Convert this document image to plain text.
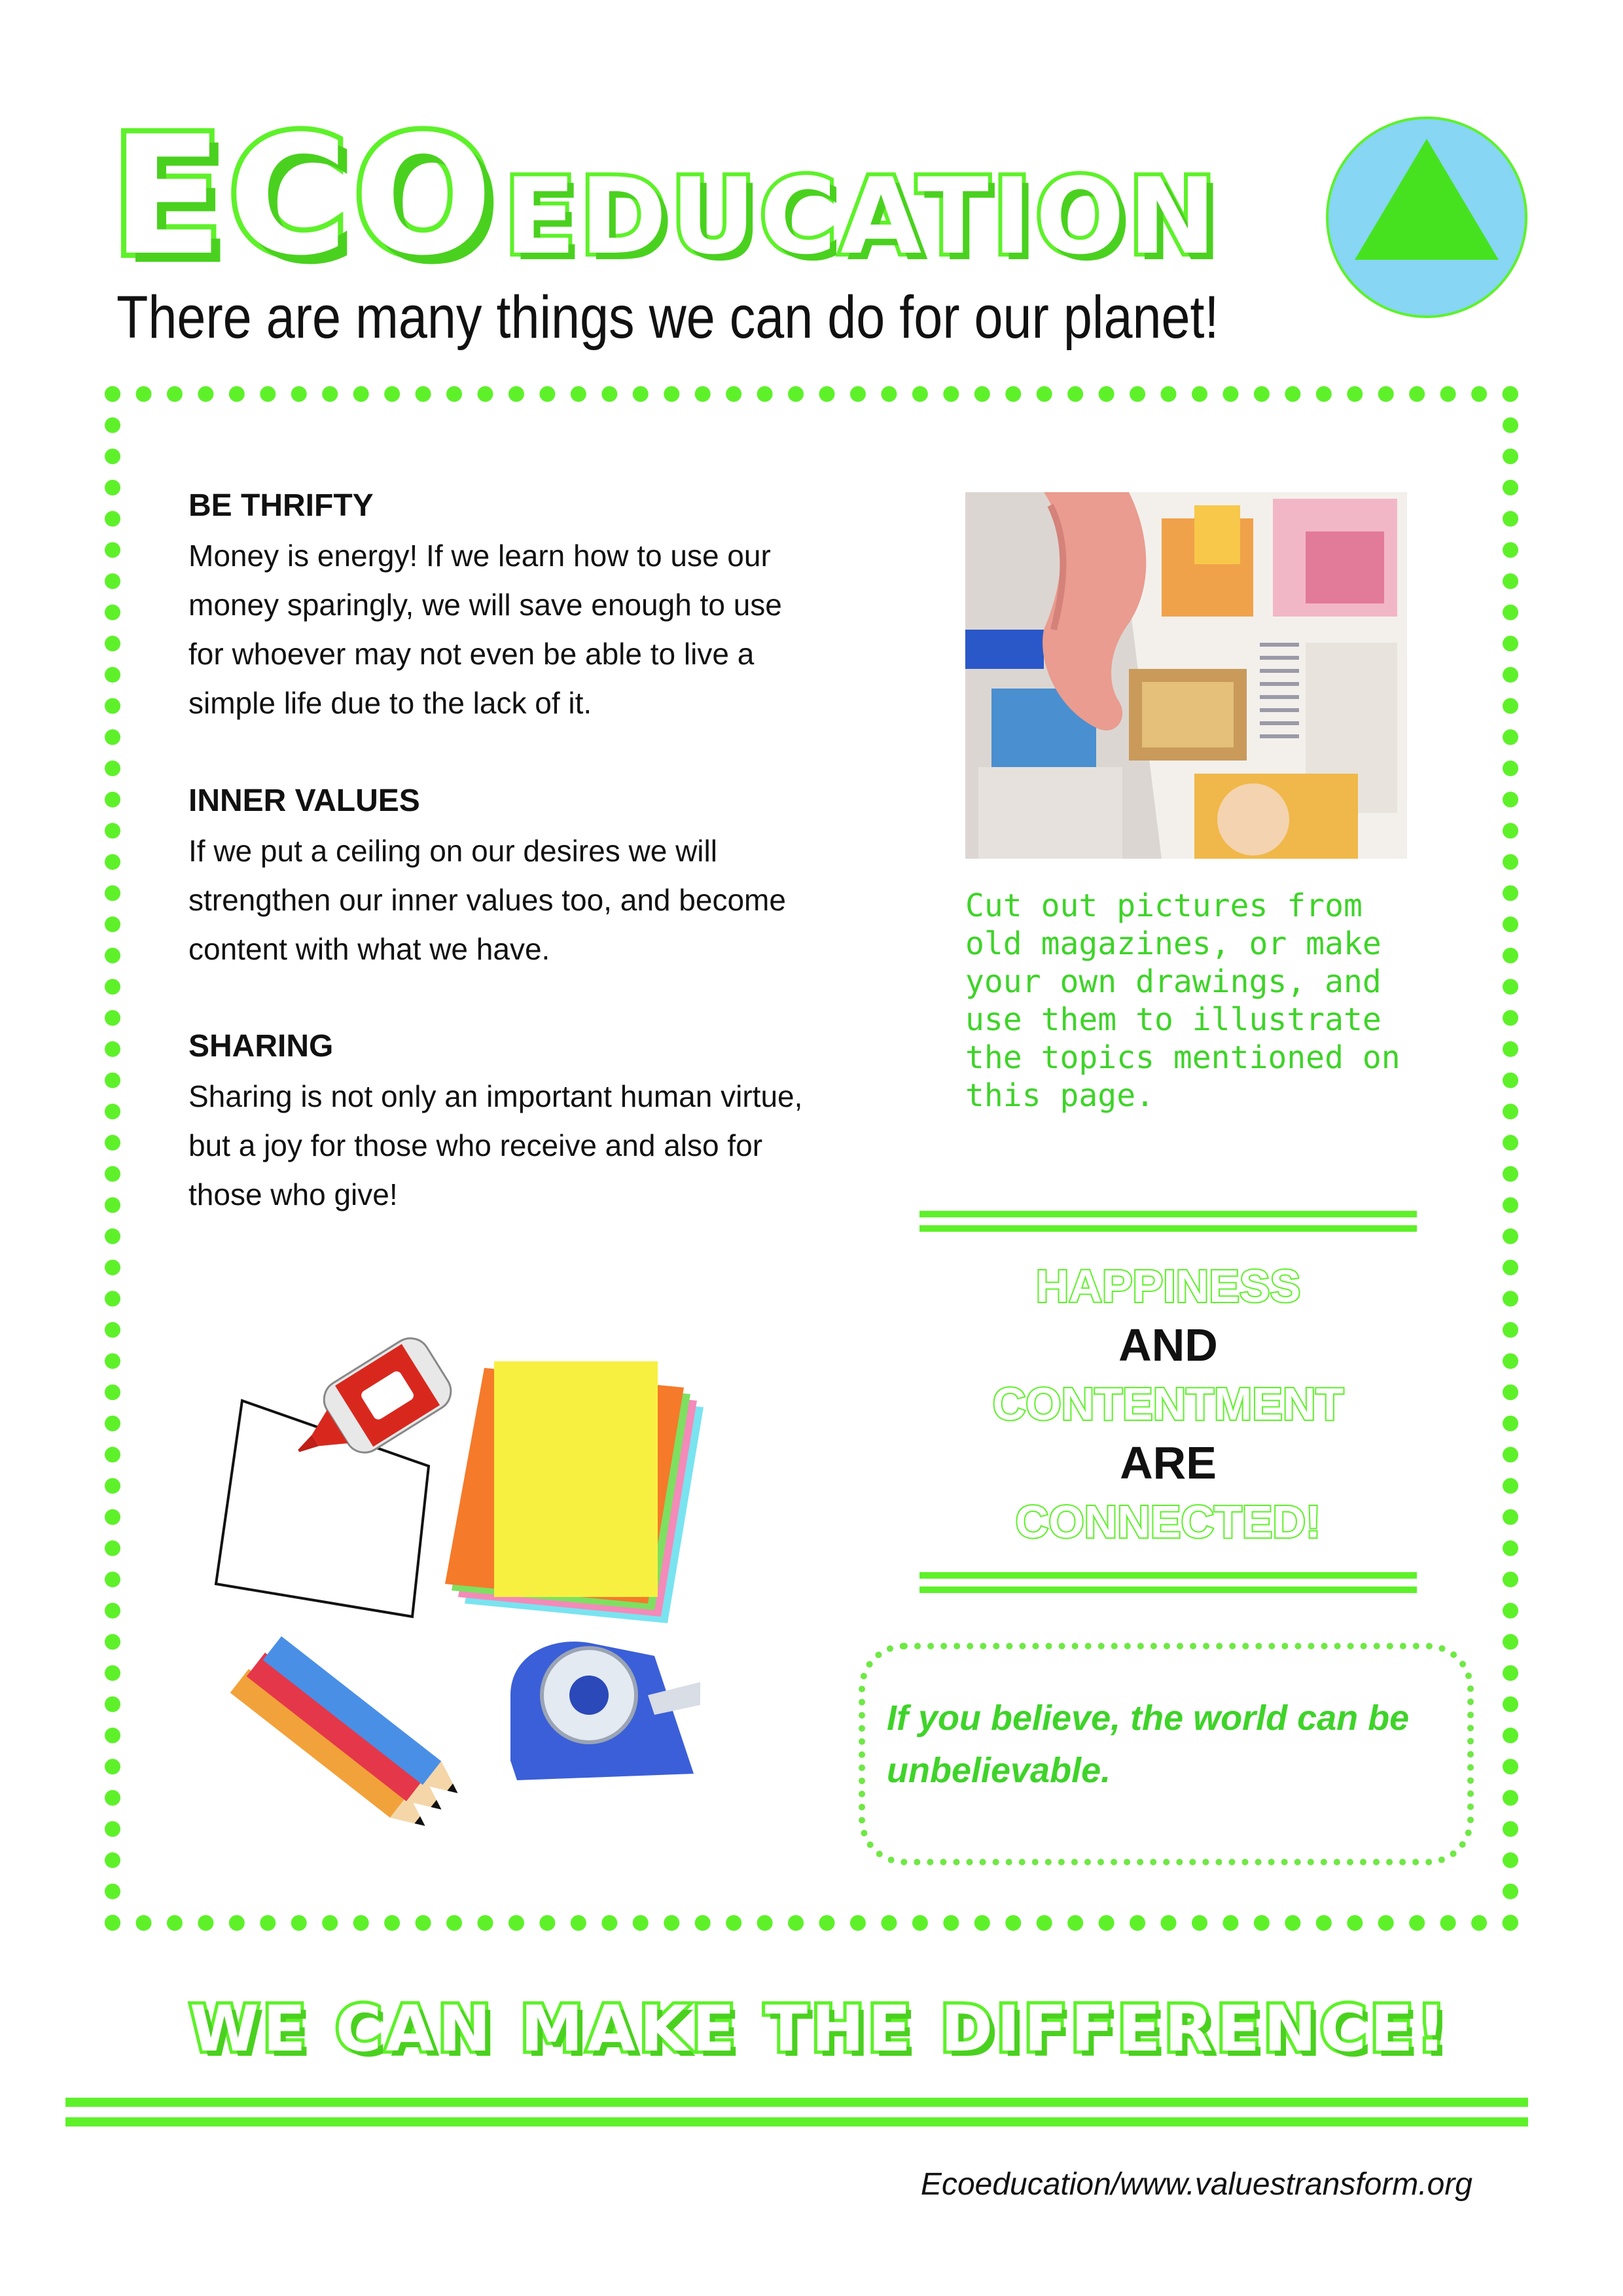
ECOEDUCATION
There are many things we can do for our planet!
BE THRIFTY
Money is energy! If we learn how to use our
money sparingly, we will save enough to use
for whoever may not even be able to live a
simple life due to the lack of it.
INNER VALUES
If we put a ceiling on our desires we will
strengthen our inner values too, and become
content with what we have.
SHARING
Sharing is not only an important human virtue,
but a joy for those who receive and also for
those who give!
Cut out pictures from
old magazines, or make
your own drawings, and
use them to illustrate
the topics mentioned on
this page.
HAPPINESS
AND
CONTENTMENT
ARE
CONNECTED!
If you believe, the world can be
unbelievable.
WE CAN MAKE THE DIFFERENCE!
Ecoeducation/www.valuestransform.org
